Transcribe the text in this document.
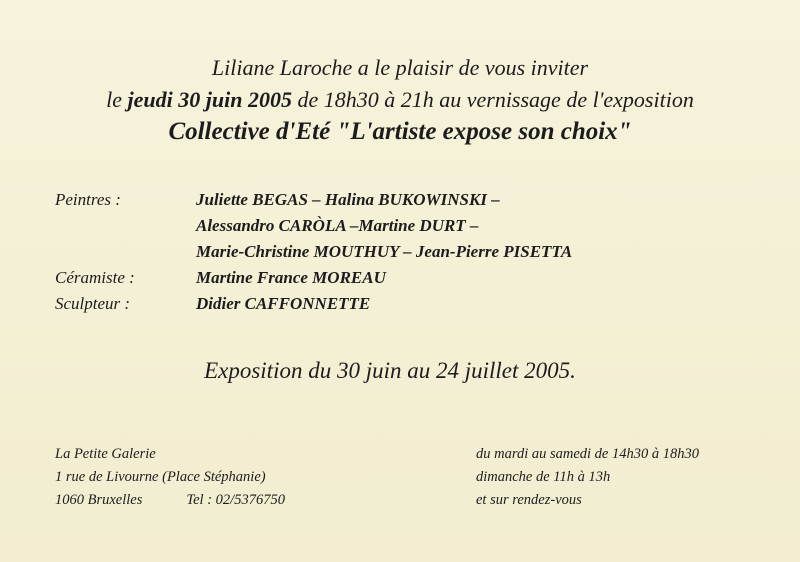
Liliane Laroche a le plaisir de vous inviter
le jeudi 30 juin 2005 de 18h30 à 21h au vernissage de l'exposition
Collective d'Eté "L'artiste expose son choix"
Peintres :	Juliette BEGAS – Halina BUKOWINSKI –
Alessandro CARÒLA –Martine DURT –
Marie-Christine MOUTHUY – Jean-Pierre PISETTA
Céramiste :	Martine France MOREAU
Sculpteur :	Didier CAFFONNETTE
Exposition du 30 juin au 24 juillet 2005.
La Petite Galerie
1 rue de Livourne (Place Stéphanie)
1060 Bruxelles	Tel : 02/5376750
du mardi au samedi de 14h30 à 18h30
dimanche de 11h à 13h
et sur rendez-vous
